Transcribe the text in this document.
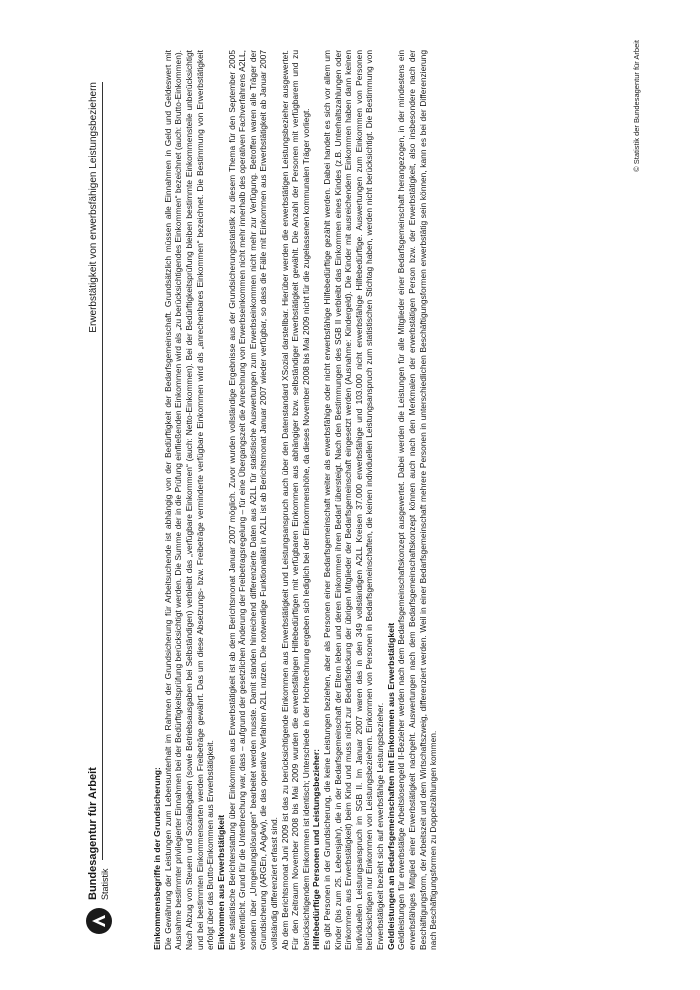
Bundesagentur für Arbeit Statistik
Erwerbstätigkeit von erwerbsfähigen Leistungsbeziehern
Einkommensbegriffe in der Grundsicherung: Die Gewährung der Leistungen zum Lebensunterhalt im Rahmen der Grundsicherung für Arbeitsuchende ist abhängig von der Bedürftigkeit der Bedarfsgemeinschaft. Grundsätzlich müssen alle Einnahmen in Geld und Geldeswert mit Ausnahme bestimmter privilegierter Einnahmen bei der Bedürftigkeitsprüfung berücksichtigt werden. Die Summe der in die Prüfung einfließenden Einkommen wird als „zu berücksichtigendes Einkommen“ bezeichnet (auch: Brutto-Einkommen). Nach Abzug von Steuern und Sozialabgaben (sowie Betriebsausgaben bei Selbständigen) verbleibt das „verfügbare Einkommen“ (auch: Netto-Einkommen). Bei der Bedürftigkeitsprüfung bleiben bestimmte Einkommensteile unberücksichtigt und bei bestimmten Einkommensarten werden Freibeträge gewährt. Das um diese Absetzungs- bzw. Freibeträge verminderte verfügbare Einkommen wird als „anrechenbares Einkommen“ bezeichnet. Die Bestimmung von Erwerbstätigkeit erfolgt über das Brutto-Einkommen aus Erwerbstätigkeit. Einkommen aus Erwerbstätigkeit Eine statistische Berichterstattung über Einkommen aus Erwerbstätigkeit ist ab dem Berichtsmonat Januar 2007 möglich. Zuvor wurden vollständige Ergebnisse aus der Grundsicherungsstatistik zu diesem Thema für den September 2005 veröffentlicht. Grund für die Unterbrechung war, dass – aufgrund der gesetzlichen Änderung der Freibetragsregelung – für eine Übergangszeit die Anrechnung von Erwerbseinkommen nicht mehr innerhalb des operativen Fachverfahrens A2LL, sondern über „Umgehungslösungen“ bearbeitet werden musste. Damit standen hinreichend differenzierte Daten aus A2LL für statistische Auswertungen zum Erwerbseinkommen nicht mehr zur Verfügung. Betroffen waren alle Träger der Grundsicherung (ARGEn, AAgAw), die das operative Verfahren A2LL nutzen. Die notwendige Funktionalität in A2LL ist ab Berichtsmonat Januar 2007 wieder verfügbar, so dass die Fälle mit Einkommen aus Erwerbstätigkeit ab Januar 2007 vollständig differenziert erfasst sind. Ab dem Berichtsmonat Juni 2009 ist das zu berücksichtigende Einkommen aus Erwerbstätigkeit und Leistungsanspruch auch über den Datenstandard XSozial darstellbar. Hierüber werden die erwerbstätigen Leistungsbezieher ausgewertet. Für den Zeitraum November 2008 bis Mai 2009 wurden die erwerbsfähigen Hilfebedürftigen mit verfügbaren Einkommen aus abhängiger bzw. selbständiger Erwerbstätigkeit gewählt. Die Anzahl der Personen mit verfügbarem und zu berücksichtigendem Einkommen ist identisch; Unterschiede in der Hochrechnung ergeben sich lediglich bei der Einkommenshöhe, da dieses November 2008 bis Mai 2009 nicht für die zugelassenen kommunalen Träger vorliegt. Hilfebedürftige Personen und Leistungsbezieher: Es gibt Personen in der Grundsicherung, die keine Leistungen beziehen, aber als Personen einer Bedarfsgemeinschaft weiter als erwerbsfähige oder nicht erwerbsfähige Hilfebedürftige gezählt werden. Dabei handelt es sich vor allem um Kinder (bis zum 25. Lebensjahr), die in der Bedarfsgemeinschaft der Eltern leben und deren Einkommen ihren Bedarf übersteigt. Nach den Bestimmungen des SGB II verbleibt das Einkommen eines Kindes (z.B. Unterhaltszahlungen oder Einkommen aus Erwerbstätigkeit) beim Kind und muss nicht zur Bedarfsdeckung der übrigen Mitglieder der Bedarfsgemeinschaft eingesetzt werden (Ausnahme: Kindergeld). Die Kinder mit ausreichendem Einkommen haben dann keinen individuellen Leistungsanspruch im SGB II. Im Januar 2007 waren das in den 349 vollständigen A2LL Kreisen 37.000 erwerbsfähige und 103.000 nicht erwerbsfähige Hilfebedürftige. Auswertungen zum Einkommen von Personen berücksichtigen nur Einkommen von Leistungsbeziehern. Einkommen von Personen in Bedarfsgemeinschaften, die keinen individuellen Leistungsanspruch zum statistischen Stichtag haben, werden nicht berücksichtigt. Die Bestimmung von Erwerbstätigkeit bezieht sich auf erwerbsfähige Leistungsbezieher. Geldleistungen an Bedarfsgemeinschaften mit Einkommen aus Erwerbstätigkeit Geldleistungen für erwerbstätige Arbeitslosengeld II-Bezieher werden nach dem Bedarfsgemeinschaftskonzept ausgewertet. Dabei werden die Leistungen für alle Mitglieder einer Bedarfsgemeinschaft herangezogen, in der mindestens ein erwerbsfähiges Mitglied einer Erwerbstätigkeit nachgeht. Auswertungen nach dem Bedarfsgemeinschaftskonzept können auch nach den Merkmalen der erwerbstätigen Person bzw. der Erwerbstätigkeit, also insbesondere nach der Beschäftigungsform, der Arbeitszeit und dem Wirtschaftszweig, differenziert werden. Weil in einer Bedarfsgemeinschaft mehrere Personen in unterschiedlichen Beschäftigungsformen erwerbstätig sein können, kann es bei der Differenzierung nach Beschäftigungsformen zu Doppelzählungen kommen.

© Statistik der Bundesagentur für Arbeit
